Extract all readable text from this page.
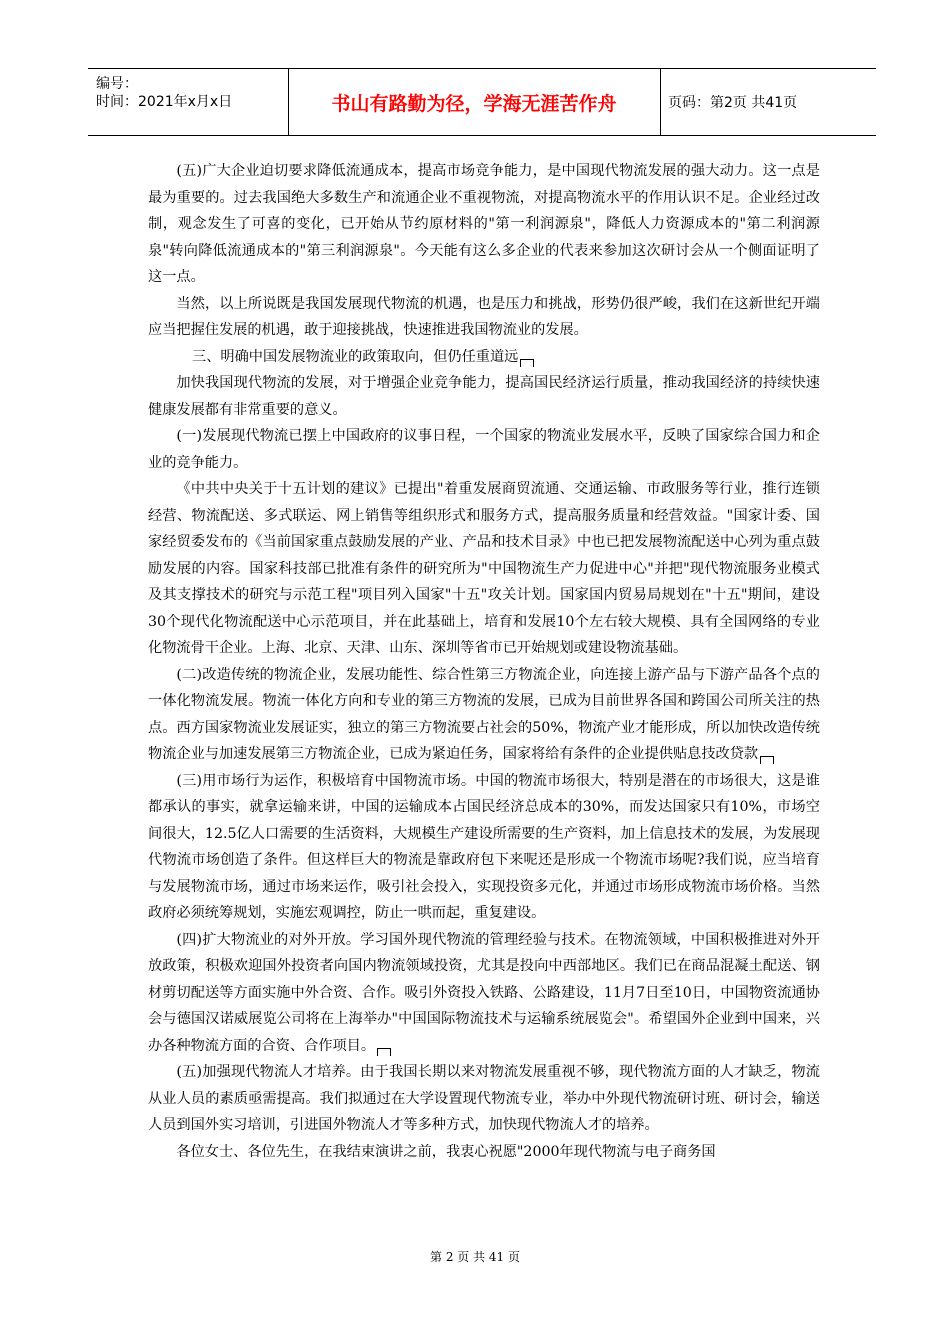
编号：
时间：2021年x月x日	书山有路勤为径，学海无涯苦作舟	页码：第2页 共41页

(五)广大企业迫切要求降低流通成本，提高市场竞争能力，是中国现代物流发展的强大动力。这一点是最为重要的。过去我国绝大多数生产和流通企业不重视物流，对提高物流水平的作用认识不足。企业经过改制，观念发生了可喜的变化，已开始从节约原材料的"第一利润源泉"，降低人力资源成本的"第二利润源泉"转向降低流通成本的"第三利润源泉"。今天能有这么多企业的代表来参加这次研讨会从一个侧面证明了这一点。

当然，以上所说既是我国发展现代物流的机遇，也是压力和挑战，形势仍很严峻，我们在这新世纪开端应当把握住发展的机遇，敢于迎接挑战，快速推进我国物流业的发展。

三、明确中国发展物流业的政策取向，但仍任重道远

加快我国现代物流的发展，对于增强企业竞争能力，提高国民经济运行质量，推动我国经济的持续快速健康发展都有非常重要的意义。

(一)发展现代物流已摆上中国政府的议事日程，一个国家的物流业发展水平，反映了国家综合国力和企业的竞争能力。

《中共中央关于十五计划的建议》已提出"着重发展商贸流通、交通运输、市政服务等行业，推行连锁经营、物流配送、多式联运、网上销售等组织形式和服务方式，提高服务质量和经营效益。"国家计委、国家经贸委发布的《当前国家重点鼓励发展的产业、产品和技术目录》中也已把发展物流配送中心列为重点鼓励发展的内容。国家科技部已批准有条件的研究所为"中国物流生产力促进中心"并把"现代物流服务业模式及其支撑技术的研究与示范工程"项目列入国家"十五"攻关计划。国家国内贸易局规划在"十五"期间，建设30个现代化物流配送中心示范项目，并在此基础上，培育和发展10个左右较大规模、具有全国网络的专业化物流骨干企业。上海、北京、天津、山东、深圳等省市已开始规划或建设物流基础。

(二)改造传统的物流企业，发展功能性、综合性第三方物流企业，向连接上游产品与下游产品各个点的一体化物流发展。物流一体化方向和专业的第三方物流的发展，已成为目前世界各国和跨国公司所关注的热点。西方国家物流业发展证实，独立的第三方物流要占社会的50%，物流产业才能形成，所以加快改造传统物流企业与加速发展第三方物流企业，已成为紧迫任务，国家将给有条件的企业提供贴息技改贷款

(三)用市场行为运作，积极培育中国物流市场。中国的物流市场很大，特别是潜在的市场很大，这是谁都承认的事实，就拿运输来讲，中国的运输成本占国民经济总成本的30%，而发达国家只有10%，市场空间很大，12.5亿人口需要的生活资料，大规模生产建设所需要的生产资料，加上信息技术的发展，为发展现代物流市场创造了条件。但这样巨大的物流是靠政府包下来呢还是形成一个物流市场呢?我们说，应当培育与发展物流市场，通过市场来运作，吸引社会投入，实现投资多元化，并通过市场形成物流市场价格。当然政府必须统筹规划，实施宏观调控，防止一哄而起，重复建设。

(四)扩大物流业的对外开放。学习国外现代物流的管理经验与技术。在物流领域，中国积极推进对外开放政策，积极欢迎国外投资者向国内物流领域投资，尤其是投向中西部地区。我们已在商品混凝土配送、钢材剪切配送等方面实施中外合资、合作。吸引外资投入铁路、公路建设，11月7日至10日，中国物资流通协会与德国汉诺威展览公司将在上海举办"中国国际物流技术与运输系统展览会"。希望国外企业到中国来，兴办各种物流方面的合资、合作项目。

(五)加强现代物流人才培养。由于我国长期以来对物流发展重视不够，现代物流方面的人才缺乏，物流从业人员的素质亟需提高。我们拟通过在大学设置现代物流专业，举办中外现代物流研讨班、研讨会，输送人员到国外实习培训，引进国外物流人才等多种方式，加快现代物流人才的培养。

各位女士、各位先生，在我结束演讲之前，我衷心祝愿"2000年现代物流与电子商务国

第 2 页 共 41 页
